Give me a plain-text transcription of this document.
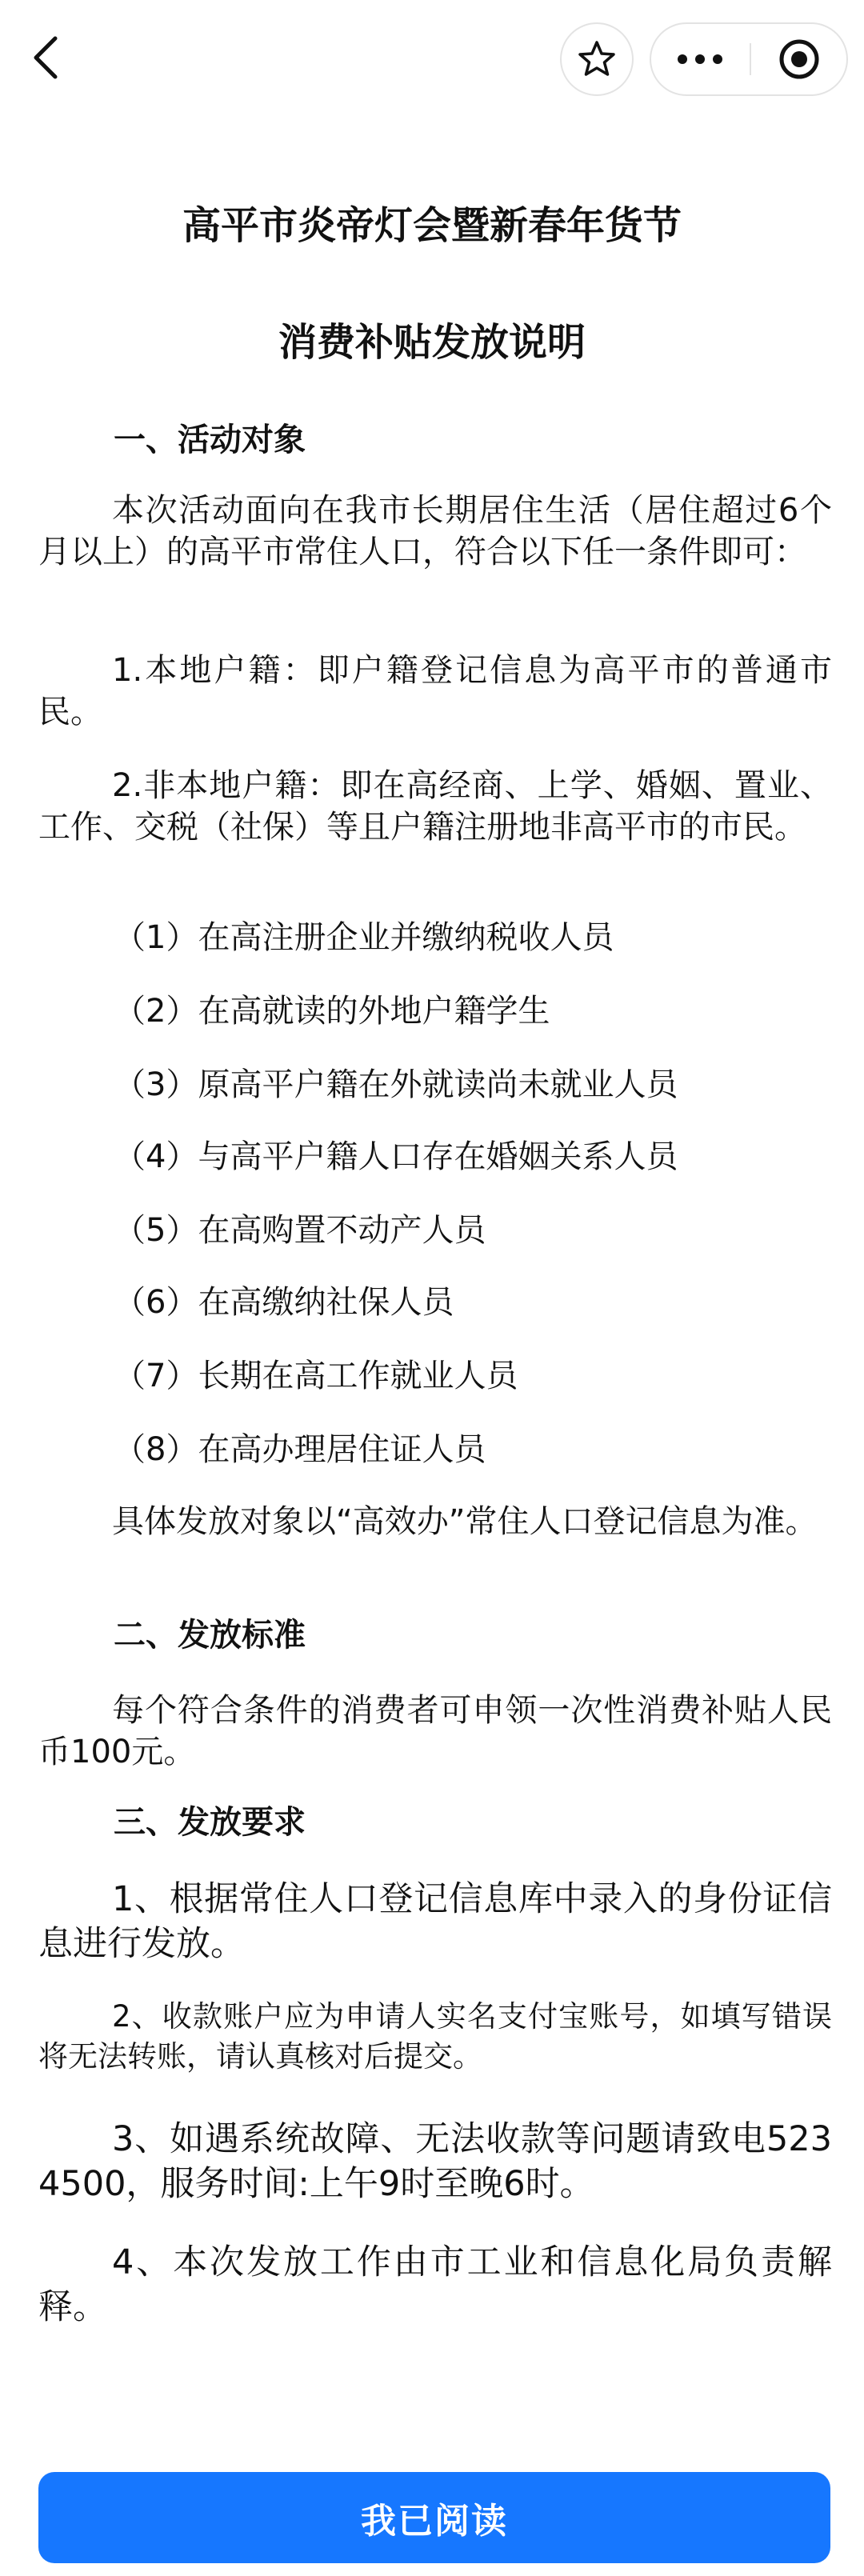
高平市炎帝灯会暨新春年货节
消费补贴发放说明

一、活动对象

本次活动面向在我市长期居住生活（居住超过6个月以上）的高平市常住人口，符合以下任一条件即可：

1.本地户籍：即户籍登记信息为高平市的普通市民。

2.非本地户籍：即在高经商、上学、婚姻、置业、工作、交税（社保）等且户籍注册地非高平市的市民。

（1）在高注册企业并缴纳税收人员

（2）在高就读的外地户籍学生

（3）原高平户籍在外就读尚未就业人员

（4）与高平户籍人口存在婚姻关系人员

（5）在高购置不动产人员

（6）在高缴纳社保人员

（7）长期在高工作就业人员

（8）在高办理居住证人员

具体发放对象以“高效办”常住人口登记信息为准。

二、发放标准

每个符合条件的消费者可申领一次性消费补贴人民币100元。

三、发放要求

1、根据常住人口登记信息库中录入的身份证信息进行发放。

2、收款账户应为申请人实名支付宝账号，如填写错误将无法转账，请认真核对后提交。

3、如遇系统故障、无法收款等问题请致电5234500，服务时间:上午9时至晚6时。

4、本次发放工作由市工业和信息化局负责解释。

我已阅读
